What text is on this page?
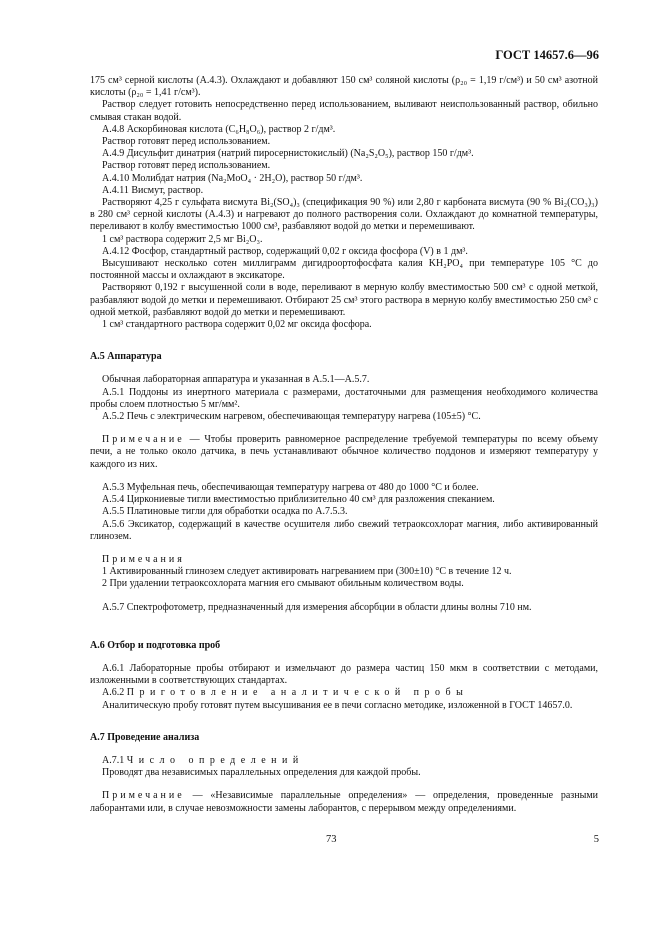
ГОСТ 14657.6—96

175 см³ серной кислоты (А.4.3). Охлаждают и добавляют 150 см³ соляной кислоты (ρ₂₀ = 1,19 г/см³) и 50 см³ азотной кислоты (ρ₂₀ = 1,41 г/см³).

Раствор следует готовить непосредственно перед использованием, выливают неиспользованный раствор, обильно смывая стакан водой.

А.4.8 Аскорбиновая кислота (C₆H₈O₆), раствор 2 г/дм³.

Раствор готовят перед использованием.

А.4.9 Дисульфит динатрия (натрий пиросернистокислый) (Na₂S₂O₅), раствор 150 г/дм³.

Раствор готовят перед использованием.

А.4.10 Молибдат натрия (Na₂MoO₄ · 2H₂O), раствор 50 г/дм³.

А.4.11 Висмут, раствор.

Растворяют 4,25 г сульфата висмута Bi₂(SO₄)₃ (спецификация 90 %) или 2,80 г карбоната висмута (90 % Bi₂(CO₃)₃) в 280 см³ серной кислоты (А.4.3) и нагревают до полного растворения соли. Охлаждают до комнатной температуры, переливают в колбу вместимостью 1000 см³, разбавляют водой до метки и перемешивают.

1 см³ раствора содержит 2,5 мг Bi₂O₃.

А.4.12 Фосфор, стандартный раствор, содержащий 0,02 г оксида фосфора (V) в 1 дм³.

Высушивают несколько сотен миллиграмм дигидроортофосфата калия KH₂PO₄ при температуре 105 °С до постоянной массы и охлаждают в эксикаторе.

Растворяют 0,192 г высушенной соли в воде, переливают в мерную колбу вместимостью 500 см³ с одной меткой, разбавляют водой до метки и перемешивают. Отбирают 25 см³ этого раствора в мерную колбу вместимостью 250 см³ с одной меткой, разбавляют водой до метки и перемешивают.

1 см³ стандартного раствора содержит 0,02 мг оксида фосфора.

А.5 Аппаратура

Обычная лабораторная аппаратура и указанная в А.5.1—А.5.7.

А.5.1 Поддоны из инертного материала с размерами, достаточными для размещения необходимого количества пробы слоем плотностью 5 мг/мм².

А.5.2 Печь с электрическим нагревом, обеспечивающая температуру нагрева (105±5) °С.

Примечание — Чтобы проверить равномерное распределение требуемой температуры по всему объему печи, а не только около датчика, в печь устанавливают обычное количество поддонов и измеряют температуру у каждого из них.

А.5.3 Муфельная печь, обеспечивающая температуру нагрева от 480 до 1000 °С и более.

А.5.4 Циркониевые тигли вместимостью приблизительно 40 см³ для разложения спеканием.

А.5.5 Платиновые тигли для обработки осадка по А.7.5.3.

А.5.6 Эксикатор, содержащий в качестве осушителя либо свежий тетраоксохлорат магния, либо активированный глинозем.

Примечания

1 Активированный глинозем следует активировать нагреванием при (300±10) °С в течение 12 ч.

2 При удалении тетраоксохлората магния его смывают обильным количеством воды.

А.5.7 Спектрофотометр, предназначенный для измерения абсорбции в области длины волны 710 нм.

А.6 Отбор и подготовка проб

А.6.1 Лабораторные пробы отбирают и измельчают до размера частиц 150 мкм в соответствии с методами, изложенными в соответствующих стандартах.

А.6.2 Приготовление аналитической пробы

Аналитическую пробу готовят путем высушивания ее в печи согласно методике, изложенной в ГОСТ 14657.0.

А.7 Проведение анализа

А.7.1 Число определений

Проводят два независимых параллельных определения для каждой пробы.

Примечание — «Независимые параллельные определения» — определения, проведенные разными лаборантами или, в случае невозможности замены лаборантов, с перерывом между определениями.

73	5
